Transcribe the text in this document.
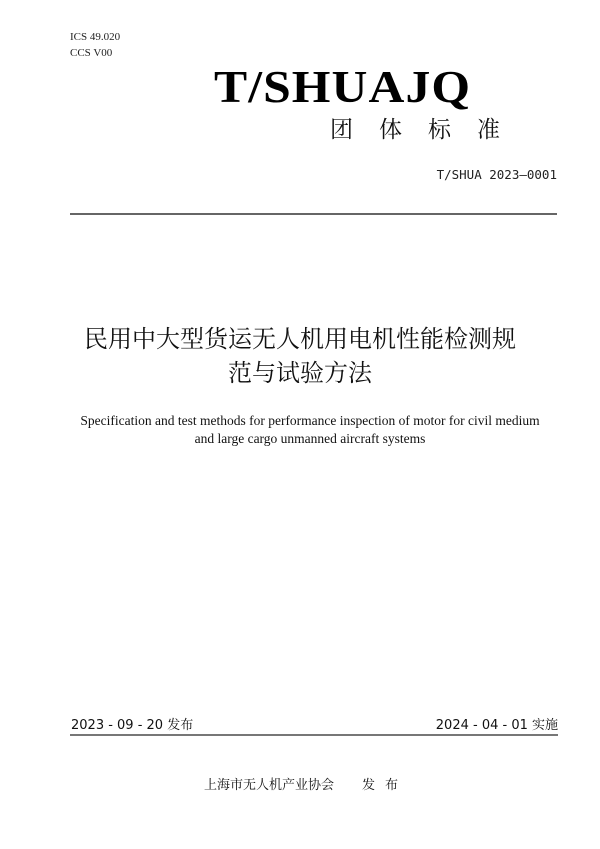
ICS 49.020
CCS V00
T/SHUAJQ
团体标准
T/SHUA 2023—0001
民用中大型货运无人机用电机性能检测规
范与试验方法
Specification and test methods for performance inspection of motor for civil medium
and large cargo unmanned aircraft systems
2023 - 09 - 20 发布	2024 - 04 - 01 实施
上海市无人机产业协会 发布
